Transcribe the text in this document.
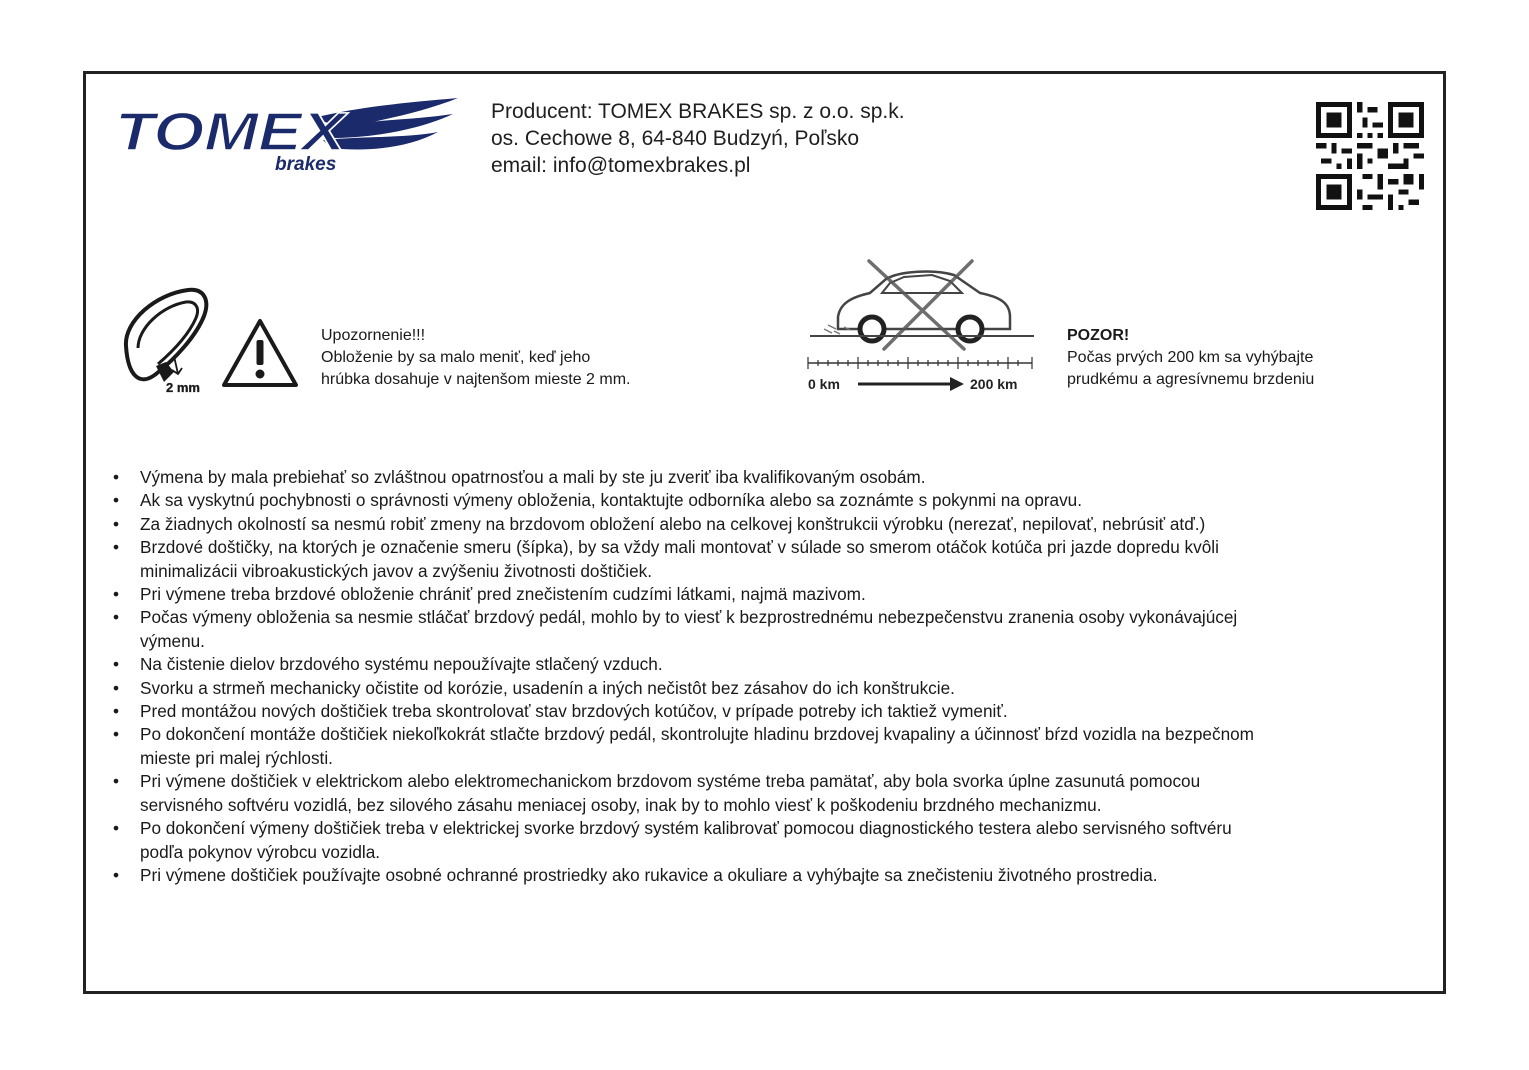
TOMEX
brakes
Producent: TOMEX BRAKES sp. z o.o. sp.k.
os. Cechowe 8, 64-840 Budzyń, Poľsko
email: info@tomexbrakes.pl
2 mm
Upozornenie!!!
Obloženie by sa malo meniť, keď jeho
hrúbka dosahuje v najtenšom mieste 2 mm.	0 km	200 km
POZOR!
Počas prvých 200 km sa vyhýbajte
prudkému a agresívnemu brzdeniu
• Výmena by mala prebiehať so zvláštnou opatrnosťou a mali by ste ju zveriť iba kvalifikovaným osobám.
• Ak sa vyskytnú pochybnosti o správnosti výmeny obloženia, kontaktujte odborníka alebo sa zoznámte s pokynmi na opravu.
• Za žiadnych okolností sa nesmú robiť zmeny na brzdovom obložení alebo na celkovej konštrukcii výrobku (nerezať, nepilovať, nebrúsiť atď.)
• Brzdové doštičky, na ktorých je označenie smeru (šípka), by sa vždy mali montovať v súlade so smerom otáčok kotúča pri jazde dopredu kvôli
minimalizácii vibroakustických javov a zvýšeniu životnosti doštičiek.
• Pri výmene treba brzdové obloženie chrániť pred znečistením cudzími látkami, najmä mazivom.
• Počas výmeny obloženia sa nesmie stláčať brzdový pedál, mohlo by to viesť k bezprostrednému nebezpečenstvu zranenia osoby vykonávajúcej
výmenu.
• Na čistenie dielov brzdového systému nepoužívajte stlačený vzduch.
• Svorku a strmeň mechanicky očistite od korózie, usadenín a iných nečistôt bez zásahov do ich konštrukcie.
• Pred montážou nových doštičiek treba skontrolovať stav brzdových kotúčov, v prípade potreby ich taktiež vymeniť.
• Po dokončení montáže doštičiek niekoľkokrát stlačte brzdový pedál, skontrolujte hladinu brzdovej kvapaliny a účinnosť bŕzd vozidla na bezpečnom
mieste pri malej rýchlosti.
• Pri výmene doštičiek v elektrickom alebo elektromechanickom brzdovom systéme treba pamätať, aby bola svorka úplne zasunutá pomocou
servisného softvéru vozidlá, bez silového zásahu meniacej osoby, inak by to mohlo viesť k poškodeniu brzdného mechanizmu.
• Po dokončení výmeny doštičiek treba v elektrickej svorke brzdový systém kalibrovať pomocou diagnostického testera alebo servisného softvéru
podľa pokynov výrobcu vozidla.
• Pri výmene doštičiek používajte osobné ochranné prostriedky ako rukavice a okuliare a vyhýbajte sa znečisteniu životného prostredia.
